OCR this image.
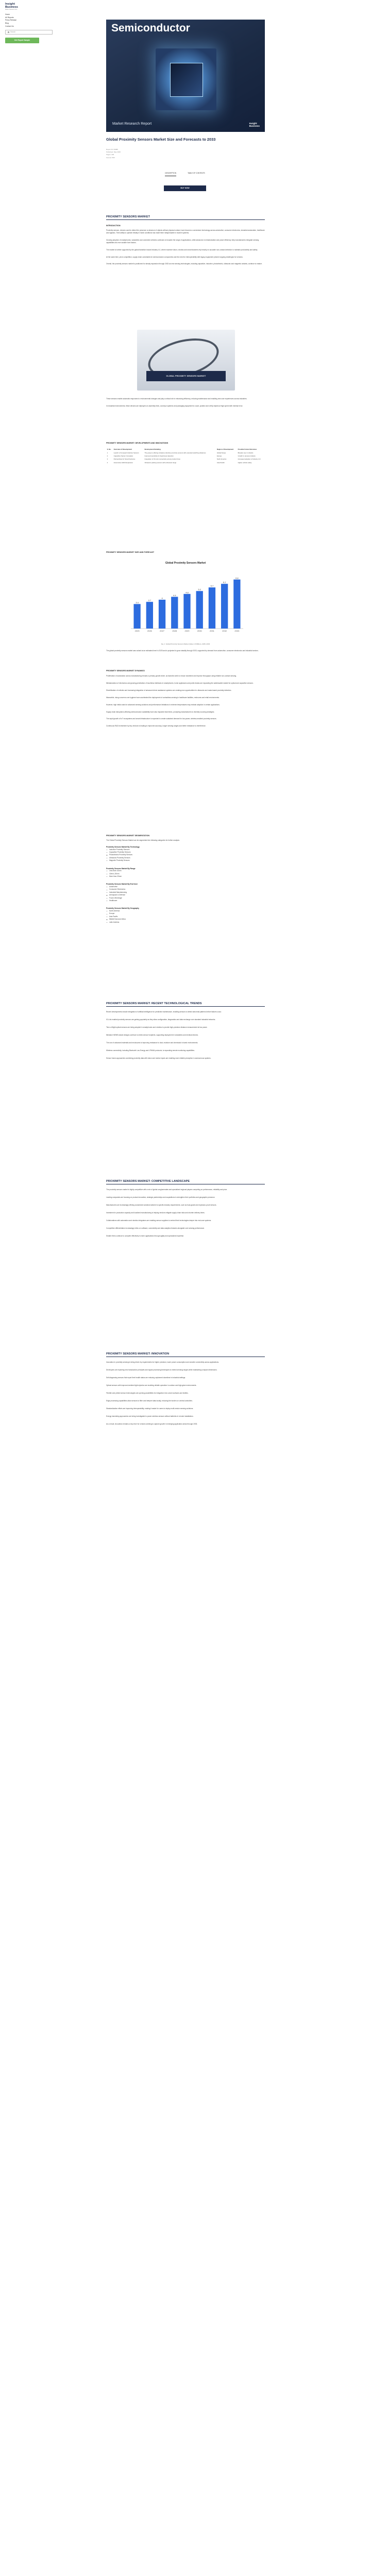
Insight
Business
Market Research Firm
Home
All Reports
Press Release
Blog
Contact Us
Search
Get Report Sample
Semiconductor
Market Research Report	Insight
Business
Global Proximity Sensors Market Size and Forecasts to 2033
Report ID: 60988
Published: May 2025
Pages: 200
Format: PDF
DESCRIPTION	TABLE OF CONTENTS
BUY NOW
PROXIMITY SENSORS MARKET
INTRODUCTION

Proximity sensors, devices used to detect the presence or absence of objects without physical contact, have become a cornerstone technology across automotive, consumer electronics, industrial automation, healthcare and logistics. Their ability to operate reliably in harsh conditions has made them indispensable in modern systems.

Growing adoption of smartphones, wearables and connected vehicles continues to broaden the range of applications, while advances in miniaturization and power efficiency help manufacturers integrate sensing capabilities into ever smaller form factors.

The market is further supported by the global transition toward Industry 4.0, where machine vision, robotics and smart factories rely heavily on accurate non-contact detection to maintain productivity and safety.

At the same time, price competition, supply chain constraints for semiconductor components and the need for interoperability with legacy equipment present ongoing challenges for vendors.

Overall, the proximity sensors market is positioned for steady expansion through 2033 as new sensing technologies, including capacitive, inductive, photoelectric, ultrasonic and magnetic variants, continue to mature.

GLOBAL PROXIMITY SENSORS MARKET

These sensors enable automatic responses to environmental changes and play a critical role in enhancing efficiency, reducing maintenance and enabling new user experiences across industries.

In industrial environments, these devices are deployed on assembly lines, conveyor systems and packaging equipment to count, position and verify objects at high speed with minimal error.

PROXIMITY SENSORS MARKET: DEVELOPMENTS AND INNOVATIONS
S. No.	Overview of Development	Development Detailing	Region of Development	Possible Future Outcomes
1	Launch of Compact Inductive Sensors	The group is offering miniature inductive proximity sensors with extended switching distances	Global Scope	Broader use in robotics
2	Capacitive Sensor Innovation	Improved sensitivity for liquid level detection	Europe	Growth in process industry
3	Partnerships for Smart Factories	Integration of IO-Link connectivity across product lines	North America	Increased adoption of Industry 4.0
4	Automotive ADAS Expansion	Ultrasonic parking sensors with enhanced range	Asia Pacific	Higher vehicle safety
PROXIMITY SENSORS MARKET SIZE AND FORECAST
Global Proximity Sensors Market
3.4
2025
3.7
2026
4
2027
4.4
2028
4.8
2029
5.2
2030
5.7
2031
6.2
2032
6.8
2033

Fig. 1: Global Proximity Sensors Market (Value in $ Billion), 2025–2033

The global proximity sensors market was valued at an estimated level in 2025 and is projected to grow steadily through 2033, supported by demand from automotive, consumer electronics and industrial sectors.

PROXIMITY SENSORS MARKET DYNAMICS

Proliferation of automation across manufacturing remains a primary growth driver, as factories seek to reduce downtime and improve throughput using reliable non-contact sensing.

Miniaturization of electronics and growing penetration of touchless interfaces in smartphones, home appliances and public kiosks are expanding the addressable market for optical and capacitive sensors.

Electrification of vehicles and increasing integration of advanced driver assistance systems are creating new opportunities for ultrasonic and radar-based proximity detection.

Meanwhile, rising concerns over hygiene have accelerated the deployment of contactless sensing in healthcare facilities, restrooms and retail environments.

However, high initial costs for advanced sensing solutions and performance limitations in extreme temperatures may restrain adoption in certain applications.

Supply chain disruptions affecting semiconductor availability have also impacted lead times, prompting manufacturers to diversify sourcing strategies.

The rapid growth of IoT ecosystems and smart infrastructure is expected to create sustained demand for low-power, wireless-enabled proximity sensors.

Continuous R&D investment by key vendors is leading to improved accuracy, longer sensing ranges and better resistance to interference.

PROXIMITY SENSORS MARKET SEGMENTATION

The Global Proximity Sensors Market can be segmented into following categories for further analysis.

Proximity Sensors Market By Technology
Inductive Proximity Sensors
Capacitive Proximity Sensors
Photoelectric Proximity Sensors
Ultrasonic Proximity Sensors
Magnetic Proximity Sensors
Proximity Sensors Market By Range
Less than 10mm
10mm–20mm
More than 20mm
Proximity Sensors Market By End User
Automotive
Consumer Electronics
Industrial Manufacturing
Aerospace & Defense
Food & Beverage
Healthcare
Proximity Sensors Market By Geography
North America
Europe
Asia Pacific
Middle East and Africa
Latin America
PROXIMITY SENSORS MARKET: RECENT TECHNOLOGICAL TRENDS

Recent developments include integration of artificial intelligence for predictive maintenance, enabling sensors to detect abnormal patterns before failures occur.

IO-Link enabled proximity sensors are gaining popularity as they allow configuration, diagnostics and data exchange over standard industrial networks.

Time-of-flight optical sensors are being adopted in smartphones and robotics to provide high-precision distance measurement at low power.

Miniature MEMS-based designs continue to shrink sensor footprints, supporting deployment in wearables and medical devices.

The use of advanced materials and enclosures is improving resistance to dust, moisture and chemicals in harsh environments.

Wireless connectivity, including Bluetooth Low Energy and LPWAN protocols, is expanding remote monitoring capabilities.

Sensor fusion approaches combining proximity data with vision and motion inputs are enabling more reliable perception in autonomous systems.

PROXIMITY SENSORS MARKET: COMPETITIVE LANDSCAPE

The proximity sensors market is highly competitive with a mix of global conglomerates and specialized regional players competing on performance, reliability and price.

Leading companies are focusing on product innovation, strategic partnerships and acquisitions to strengthen their portfolios and geographic presence.

Manufacturers are increasingly offering customized solutions tailored to specific industry requirements, such as food-grade and explosion-proof sensors.

Investment in production capacity and localized manufacturing is helping vendors mitigate supply chain risks and shorten delivery times.

Collaborations with automation and robotics integrators are enabling sensor suppliers to embed their technologies deeper into end-user systems.

Competitive differentiation increasingly relies on software, connectivity and data analytics features alongside core sensing performance.

Smaller firms continue to compete effectively in niche applications through agility and specialized expertise.

PROXIMITY SENSORS MARKET: INNOVATION

Innovation in proximity sensing is being driven by requirements for higher precision, lower power consumption and smarter connectivity across applications.

Developers are exploring new transduction principles and signal processing techniques to extend sensing ranges while maintaining compact dimensions.

Self-diagnosing sensors that report their health status are reducing unplanned downtime in industrial settings.

Optical sensors with improved ambient light rejection are enabling reliable operation in outdoor and high-glare environments.

Flexible and printed sensor technologies are opening possibilities for integration into curved surfaces and textiles.

Edge processing capabilities allow sensors to filter and interpret data locally, reducing the burden on central controllers.

Standardization efforts are improving interoperability, making it easier for users to deploy multi-vendor sensing solutions.

Energy harvesting approaches are being investigated to power wireless sensors without batteries in remote installations.

As a result, innovation remains a key lever for vendors seeking to capture growth in emerging application areas through 2033.
